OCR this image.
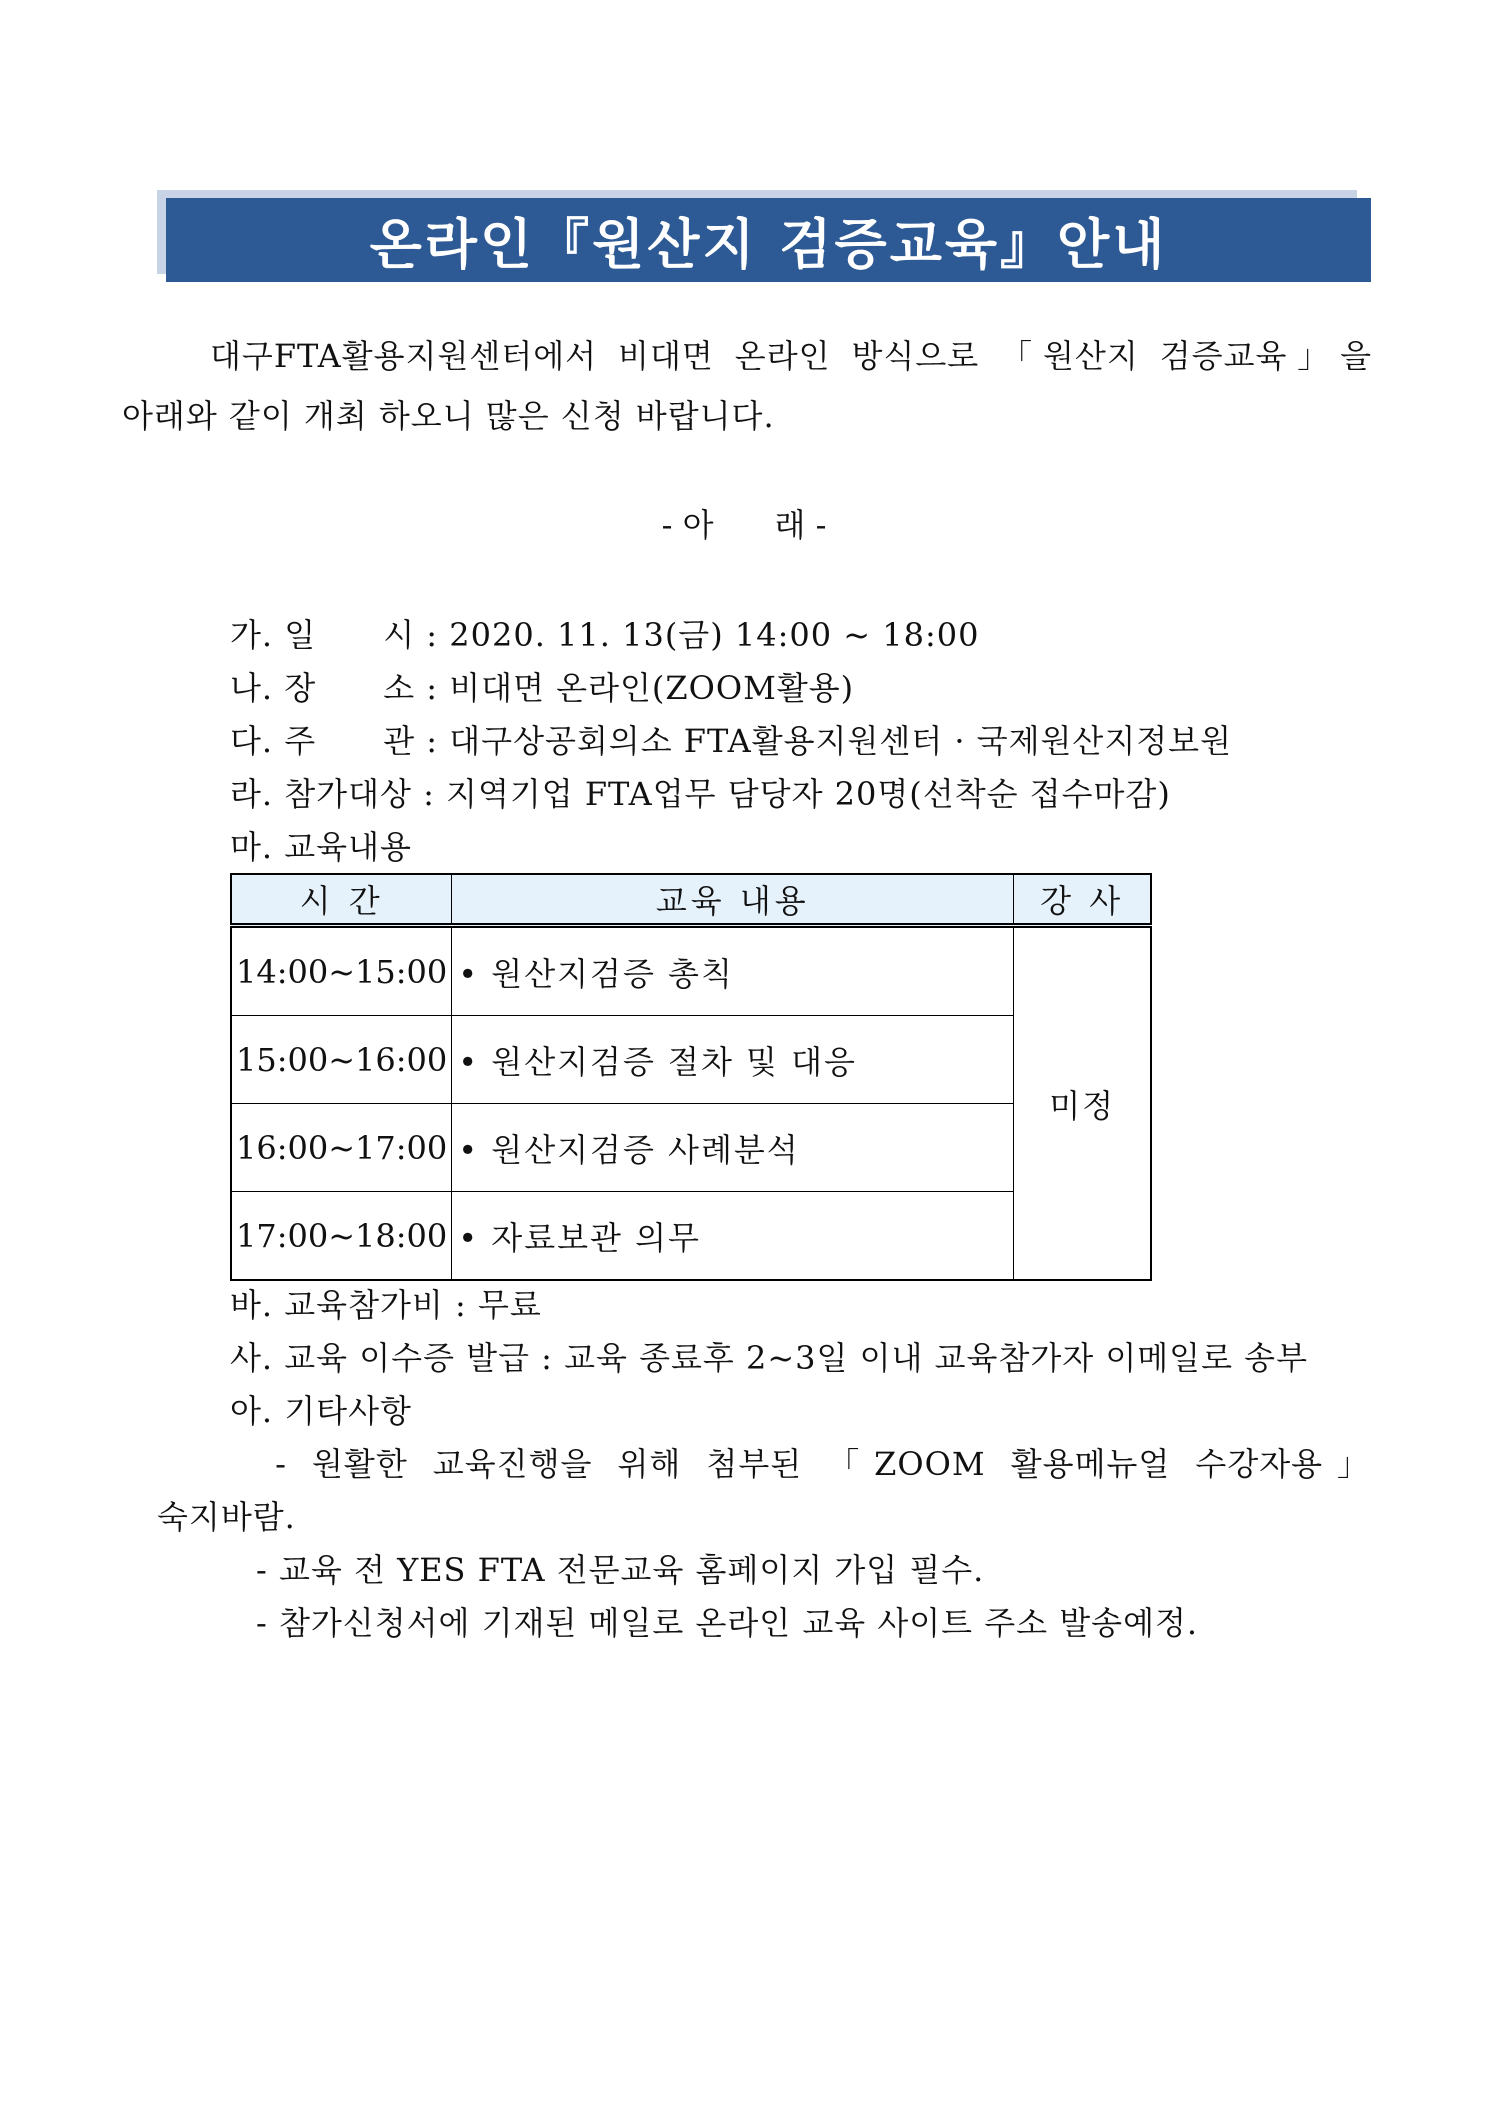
온라인『원산지 검증교육』안내
대구FTA활용지원센터에서 비대면 온라인 방식으로 「원산지 검증교육」을
아래와 같이 개최 하오니 많은 신청 바랍니다.
- 아      래 -
가. 일      시 : 2020. 11. 13(금) 14:00 ~ 18:00
나. 장      소 : 비대면 온라인(ZOOM활용)
다. 주      관 : 대구상공회의소 FTA활용지원센터 · 국제원산지정보원
라. 참가대상 : 지역기업 FTA업무 담당자 20명(선착순 접수마감)
마. 교육내용
시 간	교육 내용	강 사
14:00~15:00	• 원산지검증 총칙	미정
15:00~16:00	• 원산지검증 절차 및 대응	
16:00~17:00	• 원산지검증 사례분석	
17:00~18:00	• 자료보관 의무	
바. 교육참가비 : 무료
사. 교육 이수증 발급 : 교육 종료후 2~3일 이내 교육참가자 이메일로 송부
아. 기타사항
- 원활한 교육진행을 위해 첨부된 「ZOOM 활용메뉴얼 수강자용」
숙지바람.
- 교육 전 YES FTA 전문교육 홈페이지 가입 필수.
- 참가신청서에 기재된 메일로 온라인 교육 사이트 주소 발송예정.
